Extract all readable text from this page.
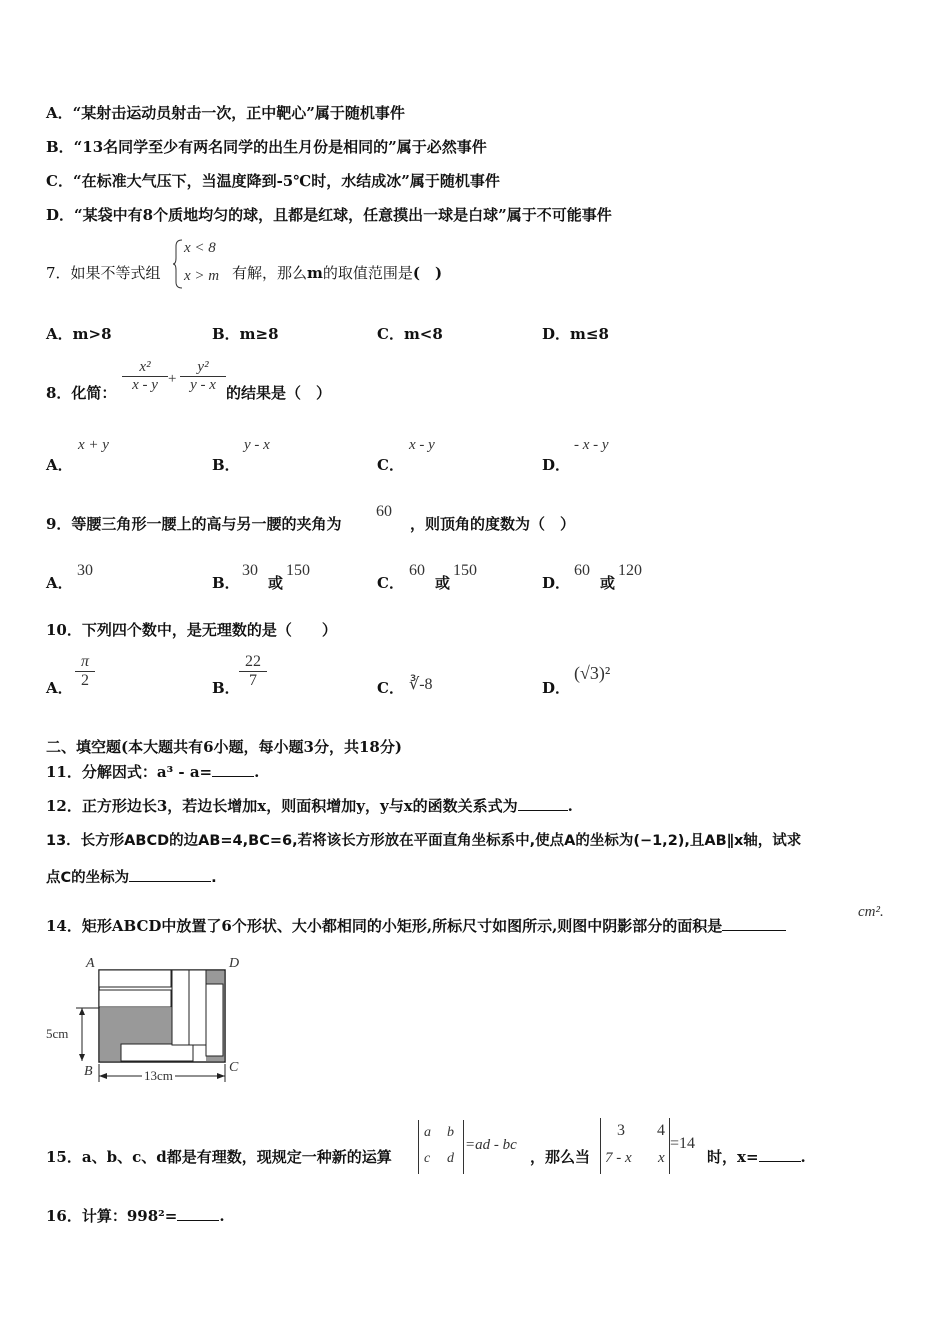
A．“某射击运动员射击一次，正中靶心”属于随机事件
B．“13名同学至少有两名同学的出生月份是相同的”属于必然事件
C．“在标准大气压下，当温度降到-5℃时，水结成冰”属于随机事件
D．“某袋中有8个质地均匀的球，且都是红球，任意摸出一球是白球”属于不可能事件
7．如果不等式组
x < 8
x > m 有解，那么m的取值范围是(　)
A．m>8	B．m≥8	C．m<8	D．m≤8
8．化简：
x²
x - y +
y²
y - x 的结果是（　）
A．
x + y
B．
y - x
C．
x - y
D．
- x - y
9．等腰三角形一腰上的高与另一腰的夹角为
60
，则顶角的度数为（　）
A．
30
B．
30
或
150
C．
60
或
150
D．
60
或
120
10．下列四个数中，是无理数的是（　　）
A．
π
2	B．
22
7	C． ∛-8	D．
(√3)²
二、填空题(本大题共有6小题，每小题3分，共18分)
11．分解因式：a³ - a=	.
12．正方形边长3，若边长增加x，则面积增加y，y与x的函数关系式为	.
13．长方形ABCD的边AB=4,BC=6,若将该长方形放在平面直角坐标系中,使点A的坐标为(−1,2),且AB∥x轴，试求
点C的坐标为	.
14．矩形ABCD中放置了6个形状、大小都相同的小矩形,所标尺寸如图所示,则图中阴影部分的面积是
cm².
A	D
B	C
5cm
13cm
15．a、b、c、d都是有理数，现规定一种新的运算
a b
c d
=ad - bc
，那么当
3 4
7 - x x
=14
时，x=	.
16．计算：998²=	.
